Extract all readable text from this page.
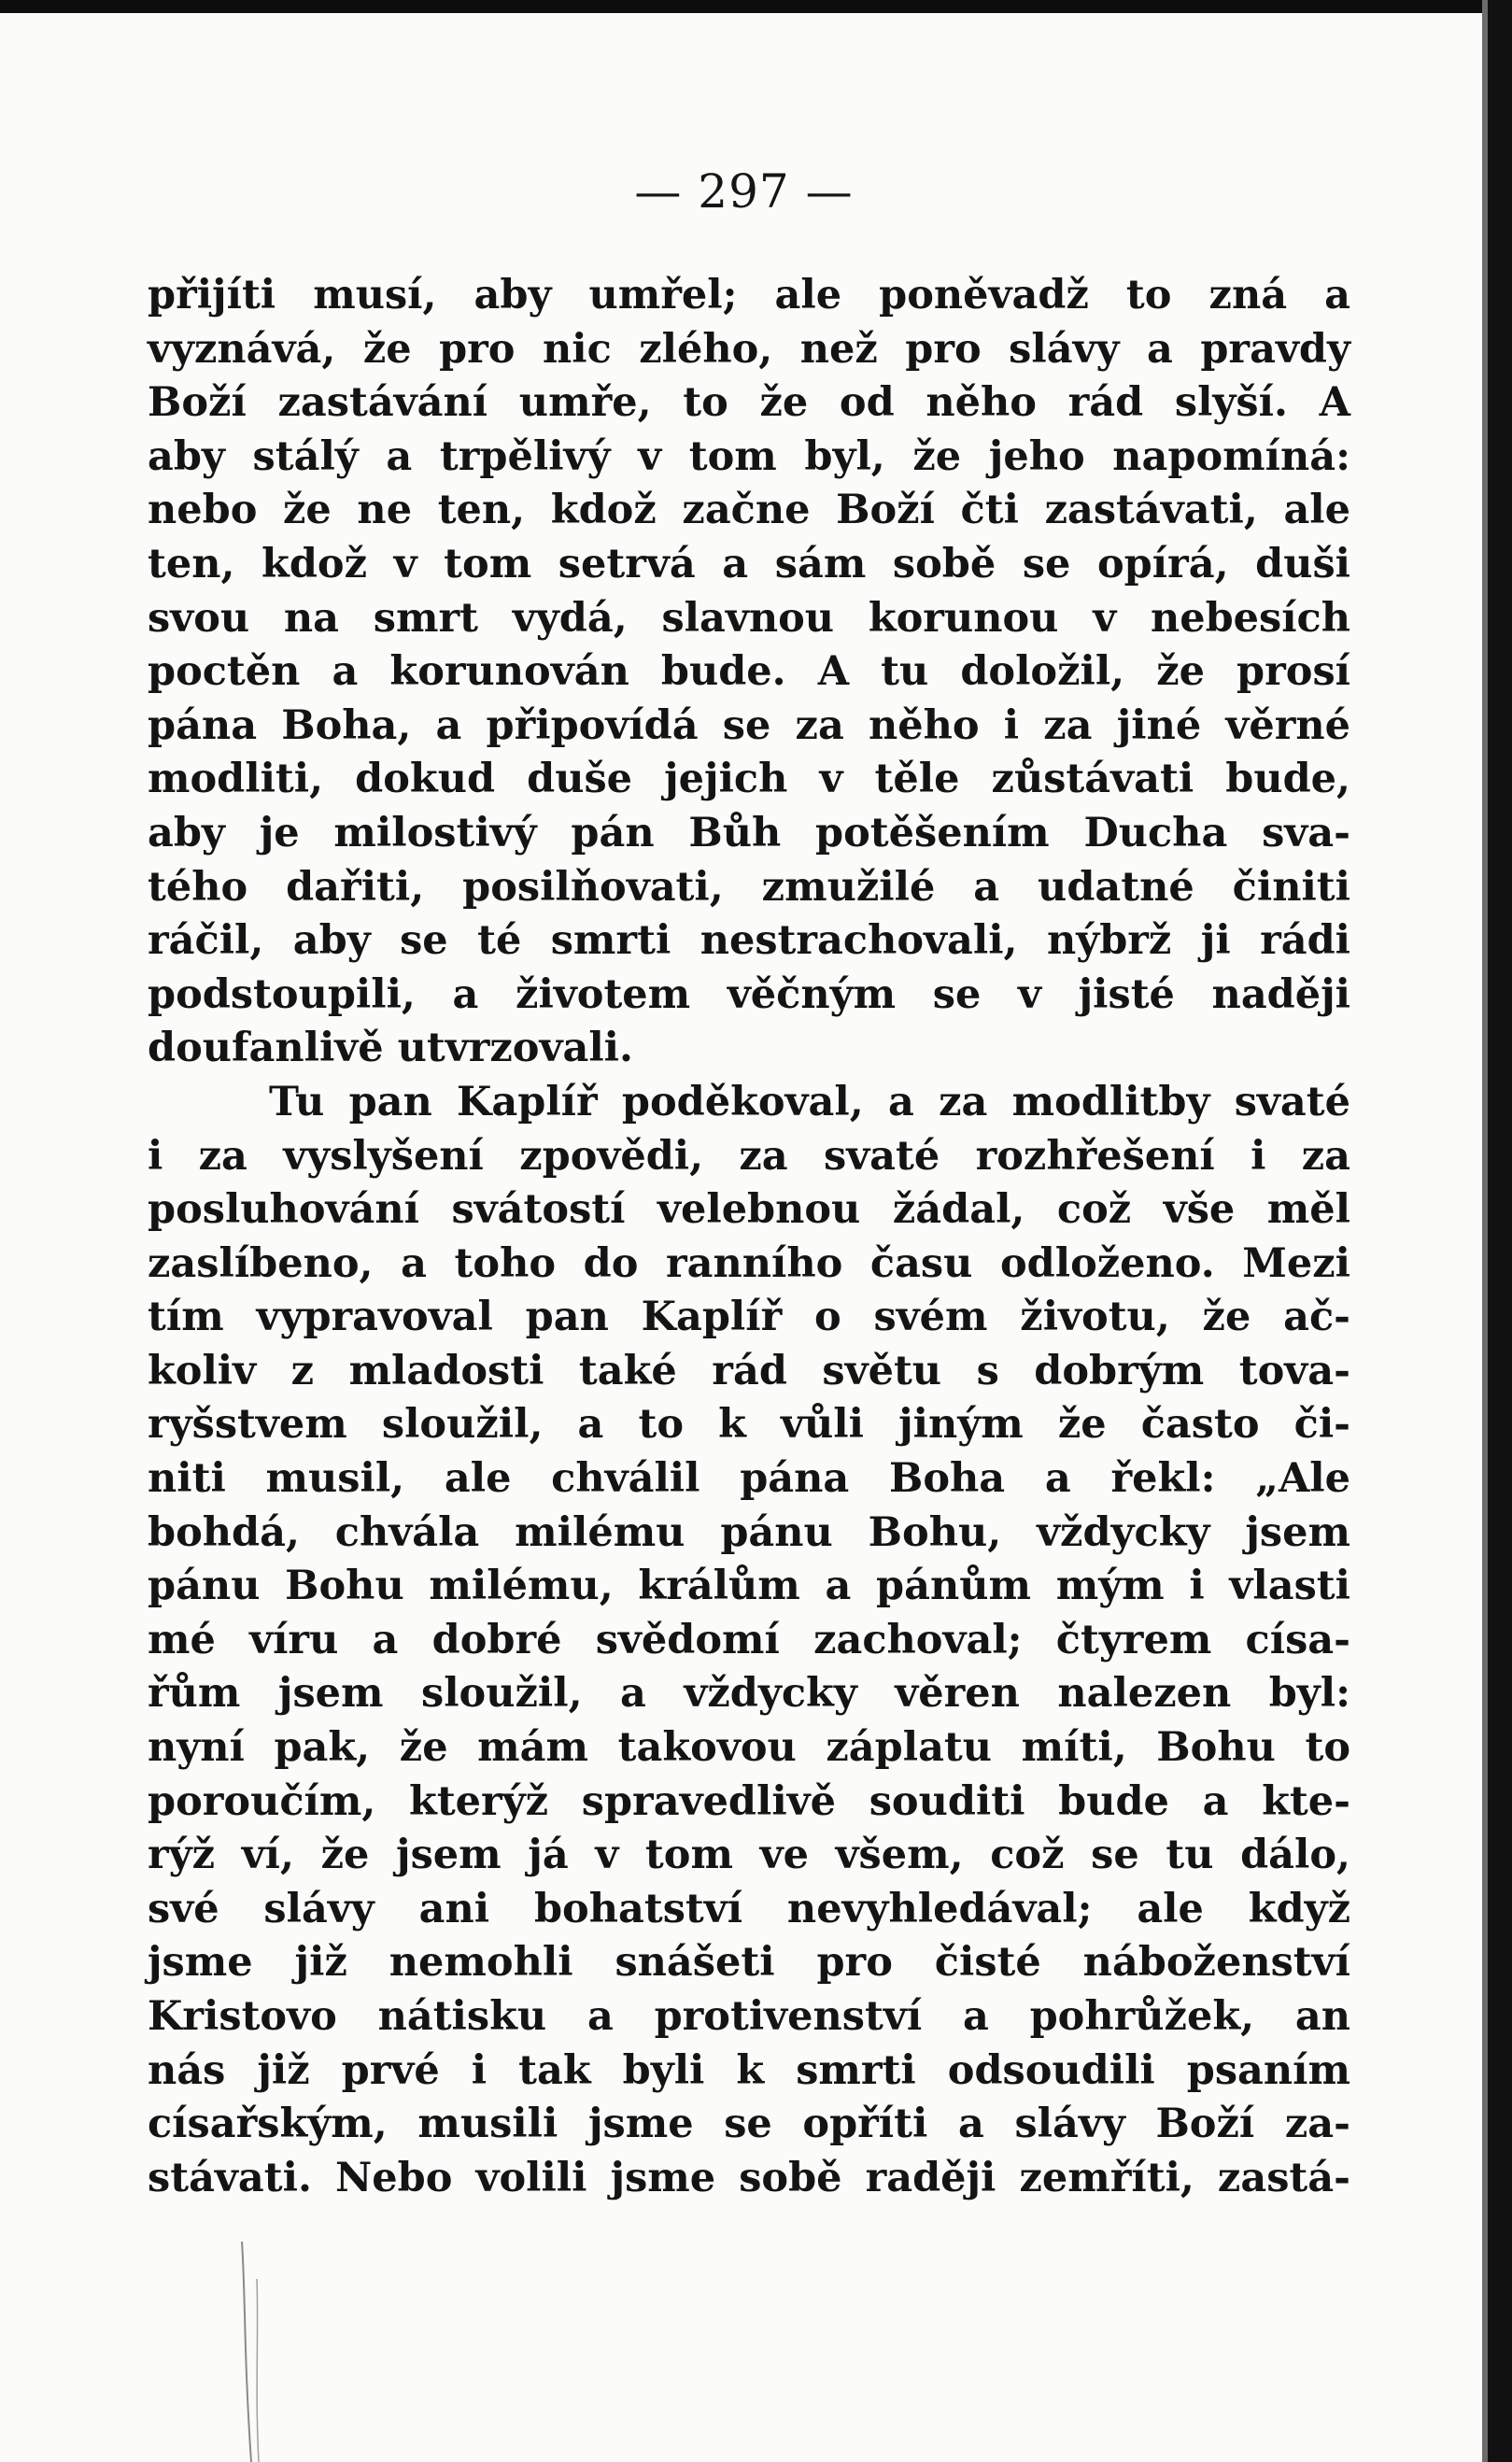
— 297 —
přijíti musí, aby umřel; ale poněvadž to zná a
vyznává, že pro nic zlého, než pro slávy a pravdy
Boží zastávání umře, to že od něho rád slyší. A
aby stálý a trpělivý v tom byl, že jeho napomíná:
nebo že ne ten, kdož začne Boží čti zastávati, ale
ten, kdož v tom setrvá a sám sobě se opírá, duši
svou na smrt vydá, slavnou korunou v nebesích
poctěn a korunován bude. A tu doložil, že prosí
pána Boha, a připovídá se za něho i za jiné věrné
modliti, dokud duše jejich v těle zůstávati bude,
aby je milostivý pán Bůh potěšením Ducha sva-
tého dařiti, posilňovati, zmužilé a udatné činiti
ráčil, aby se té smrti nestrachovali, nýbrž ji rádi
podstoupili, a životem věčným se v jisté naději
doufanlivě utvrzovali.
Tu pan Kaplíř poděkoval, a za modlitby svaté
i za vyslyšení zpovědi, za svaté rozhřešení i za
posluhování svátostí velebnou žádal, což vše měl
zaslíbeno, a toho do ranního času odloženo. Mezi
tím vypravoval pan Kaplíř o svém životu, že ač-
koliv z mladosti také rád světu s dobrým tova-
ryšstvem sloužil, a to k vůli jiným že často či-
niti musil, ale chválil pána Boha a řekl: „Ale
bohdá, chvála milému pánu Bohu, vždycky jsem
pánu Bohu milému, králům a pánům mým i vlasti
mé víru a dobré svědomí zachoval; čtyrem císa-
řům jsem sloužil, a vždycky věren nalezen byl:
nyní pak, že mám takovou záplatu míti, Bohu to
poroučím, kterýž spravedlivě souditi bude a kte-
rýž ví, že jsem já v tom ve všem, což se tu dálo,
své slávy ani bohatství nevyhledával; ale když
jsme již nemohli snášeti pro čisté náboženství
Kristovo nátisku a protivenství a pohrůžek, an
nás již prvé i tak byli k smrti odsoudili psaním
císařským, musili jsme se opříti a slávy Boží za-
stávati. Nebo volili jsme sobě raději zemříti, zastá-
